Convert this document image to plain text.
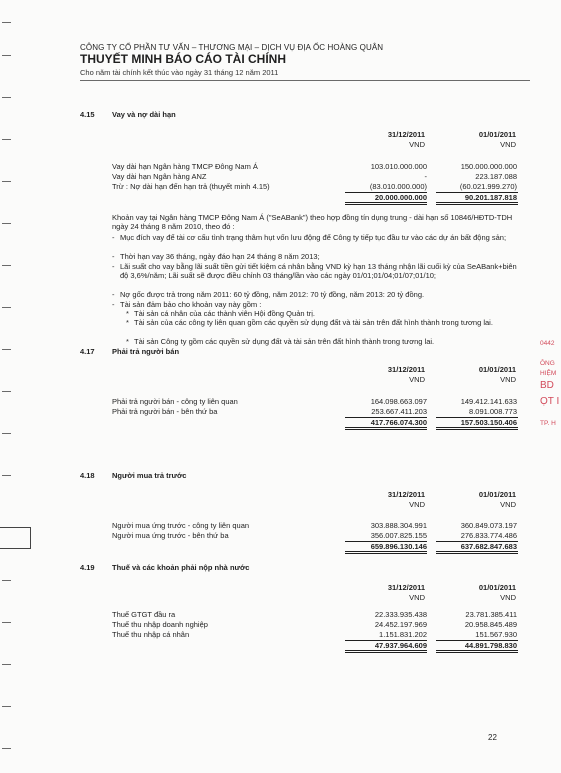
0442
ÔNG
HIỆM
BD
ỌT I
TP. H
CÔNG TY CỔ PHẦN TƯ VẤN – THƯƠNG MẠI – DỊCH VỤ ĐỊA ỐC HOÀNG QUÂN
THUYẾT MINH BÁO CÁO TÀI CHÍNH
Cho năm tài chính kết thúc vào ngày 31 tháng 12 năm 2011
4.15 Vay và nợ dài hạn
31/12/2011	01/01/2011
VND	VND
Vay dài hạn Ngân hàng TMCP Đông Nam Á	103.010.000.000	150.000.000.000
Vay dài hạn Ngân hàng ANZ	-	223.187.088
Trừ : Nợ dài hạn đến hạn trả (thuyết minh 4.15)	(83.010.000.000)	(60.021.999.270)
20.000.000.000	90.201.187.818
Khoản vay tại Ngân hàng TMCP Đông Nam Á ("SeABank") theo hợp đồng tín dụng trung - dài hạn số 10846/HĐTD-TDH ngày 24 tháng 8 năm 2010, theo đó :
- Mục đích vay để tài cơ cấu tình trạng thâm hụt vốn lưu động để Công ty tiếp tục đầu tư vào các dự án bất động sản;
- Thời hạn vay 36 tháng, ngày đáo hạn 24 tháng 8 năm 2013;
- Lãi suất cho vay bằng lãi suất tiền gửi tiết kiệm cá nhân bằng VND kỳ hạn 13 tháng nhận lãi cuối kỳ của SeABank+biên độ 3,6%/năm; Lãi suất sẽ được điều chỉnh 03 tháng/lần vào các ngày 01/01;01/04;01/07;01/10;
- Nợ gốc được trả trong năm 2011: 60 tỷ đồng, năm 2012: 70 tỷ đồng, năm 2013: 20 tỷ đồng.
- Tài sản đảm bảo cho khoản vay này gồm :
* Tài sản cá nhân của các thành viên Hội đồng Quản trị.
* Tài sản của các công ty liên quan gồm các quyền sử dụng đất và tài sản trên đất hình thành trong tương lai.
* Tài sản Công ty gồm các quyền sử dụng đất và tài sản trên đất hình thành trong tương lai.
4.17 Phải trả người bán
31/12/2011	01/01/2011
VND	VND
Phải trả người bán - công ty liên quan	164.098.663.097	149.412.141.633
Phải trả người bán - bên thứ ba	253.667.411.203	8.091.008.773
417.766.074.300	157.503.150.406
4.18 Người mua trả trước
31/12/2011	01/01/2011
VND	VND
Người mua ứng trước - công ty liên quan	303.888.304.991	360.849.073.197
Người mua ứng trước - bên thứ ba	356.007.825.155	276.833.774.486
659.896.130.146	637.682.847.683
4.19 Thuế và các khoản phải nộp nhà nước
31/12/2011	01/01/2011
VND	VND
Thuế GTGT đầu ra	22.333.935.438	23.781.385.411
Thuế thu nhập doanh nghiệp	24.452.197.969	20.958.845.489
Thuế thu nhập cá nhân	1.151.831.202	151.567.930
47.937.964.609	44.891.798.830
22
